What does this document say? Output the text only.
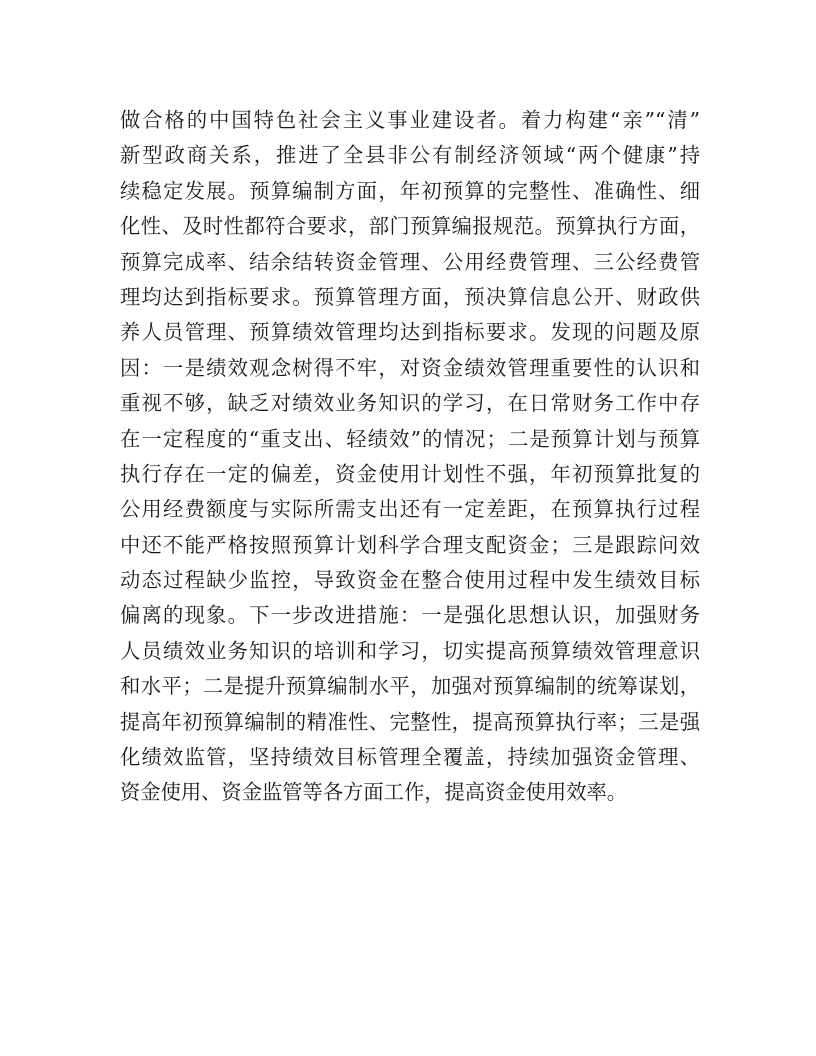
做合格的中国特色社会主义事业建设者。着力构建“亲”“清”
新型政商关系，推进了全县非公有制经济领域“两个健康”持
续稳定发展。预算编制方面，年初预算的完整性、准确性、细
化性、及时性都符合要求，部门预算编报规范。预算执行方面，
预算完成率、结余结转资金管理、公用经费管理、三公经费管
理均达到指标要求。预算管理方面，预决算信息公开、财政供
养人员管理、预算绩效管理均达到指标要求。发现的问题及原
因：一是绩效观念树得不牢，对资金绩效管理重要性的认识和
重视不够，缺乏对绩效业务知识的学习，在日常财务工作中存
在一定程度的“重支出、轻绩效”的情况；二是预算计划与预算
执行存在一定的偏差，资金使用计划性不强，年初预算批复的
公用经费额度与实际所需支出还有一定差距，在预算执行过程
中还不能严格按照预算计划科学合理支配资金；三是跟踪问效
动态过程缺少监控，导致资金在整合使用过程中发生绩效目标
偏离的现象。下一步改进措施：一是强化思想认识，加强财务
人员绩效业务知识的培训和学习，切实提高预算绩效管理意识
和水平；二是提升预算编制水平，加强对预算编制的统筹谋划，
提高年初预算编制的精准性、完整性，提高预算执行率；三是强
化绩效监管，坚持绩效目标管理全覆盖，持续加强资金管理、
资金使用、资金监管等各方面工作，提高资金使用效率。
